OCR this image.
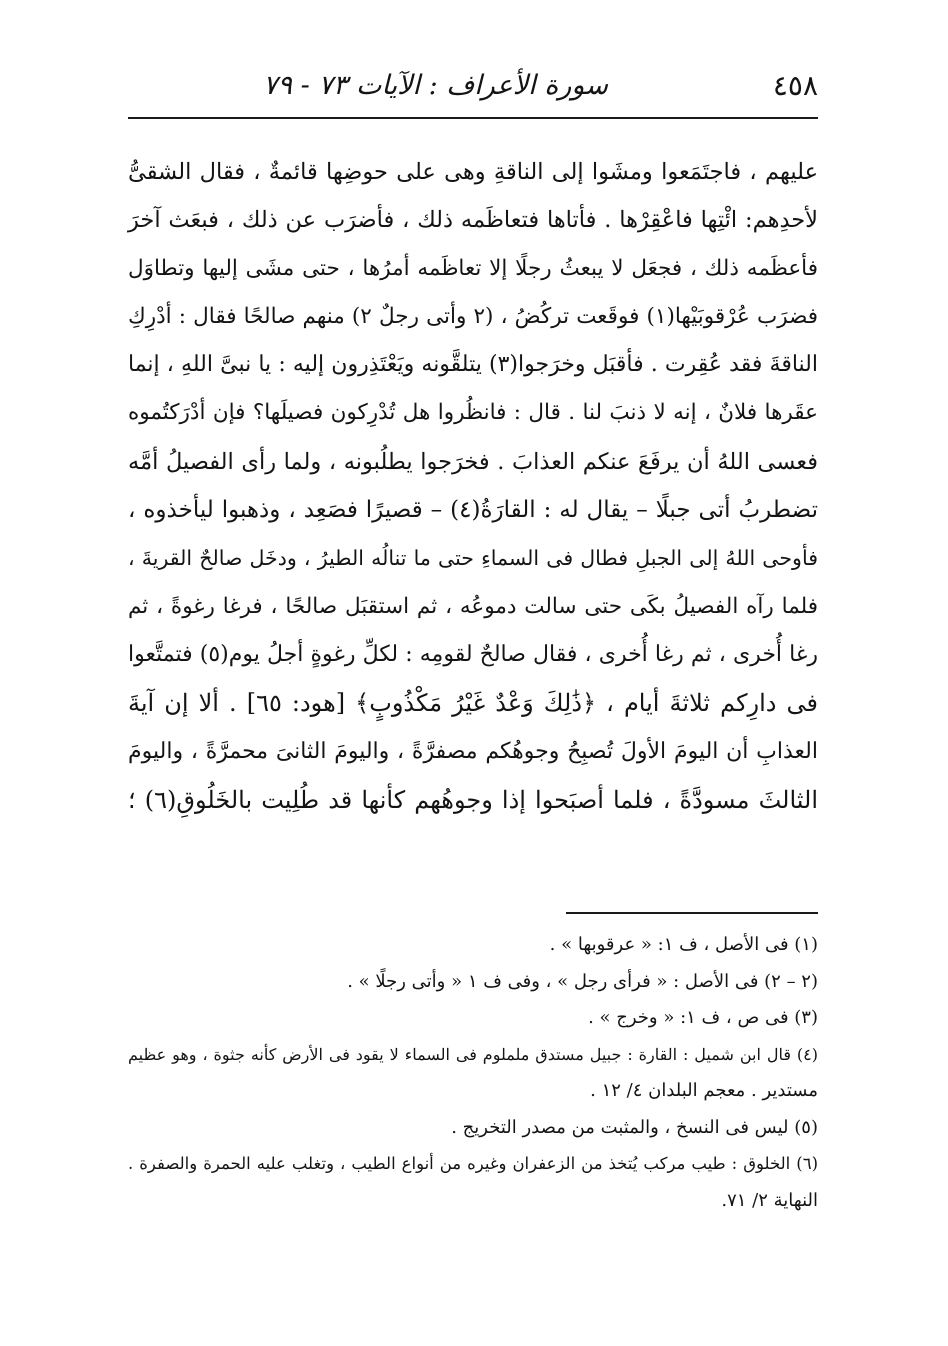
٤٥٨
سورة الأعراف : الآيات ٧٣ - ٧٩
عليهم ، فاجتَمَعوا ومشَوا إلى الناقةِ وهى على حوضِها قائمةٌ ، فقال الشقىُّ
لأحدِهم: ائْتِها فاعْقِرْها . فأتاها فتعاظَمه ذلك ، فأضرَب عن ذلك ، فبعَث آخرَ
فأعظَمه ذلك ، فجعَل لا يبعثُ رجلًا إلا تعاظَمه أمرُها ، حتى مشَى إليها وتطاوَل
فضرَب عُرْقوبَيْها(١) فوقَعت تركُضُ ، (٢ وأتى رجلٌ ٢) منهم صالحًا فقال : أدْرِكِ
الناقةَ فقد عُقِرت . فأقبَل وخرَجوا(٣) يتلقَّونه ويَعْتَذِرون إليه : يا نبىَّ اللهِ ، إنما
عقَرها فلانٌ ، إنه لا ذنبَ لنا . قال : فانظُروا هل تُدْرِكون فصيلَها؟ فإن أدْرَكتُموه
فعسى اللهُ أن يرفَعَ عنكم العذابَ . فخرَجوا يطلُبونه ، ولما رأى الفصيلُ أمَّه
تضطربُ أتى جبلًا – يقال له : القارَةُ(٤) – قصيرًا فصَعِد ، وذهبوا ليأخذوه ،
فأوحى اللهُ إلى الجبلِ فطال فى السماءِ حتى ما تنالُه الطيرُ ، ودخَل صالحٌ القريةَ ،
فلما رآه الفصيلُ بكَى حتى سالت دموعُه ، ثم استقبَل صالحًا ، فرغا رغوةً ، ثم
رغا أُخرى ، ثم رغا أُخرى ، فقال صالحٌ لقومِه : لكلِّ رغوةٍ أجلُ يوم(٥) فتمتَّعوا
فى دارِكم ثلاثةَ أيام ، ﴿ذَٰلِكَ وَعْدٌ غَيْرُ مَكْذُوبٍ﴾ [هود: ٦٥] . ألا إن آيةَ
العذابِ أن اليومَ الأولَ تُصبِحُ وجوهُكم مصفرَّةً ، واليومَ الثانىَ محمرَّةً ، واليومَ
الثالثَ مسودَّةً ، فلما أصبَحوا إذا وجوهُهم كأنها قد طُلِيت بالخَلُوقِ(٦) ؛
(١) فى الأصل ، ف ١: « عرقوبها » .
(٢ – ٢) فى الأصل : « فرأى رجل » ، وفى ف ١ « وأتى رجلًا » .
(٣) فى ص ، ف ١: « وخرج » .
(٤) قال ابن شميل : القارة : جبيل مستدق ململوم فى السماء لا يقود فى الأرض كأنه جثوة ، وهو عظيم
مستدير . معجم البلدان ٤/ ١٢ .
(٥) ليس فى النسخ ، والمثبت من مصدر التخريج .
(٦) الخلوق : طيب مركب يُتخذ من الزعفران وغيره من أنواع الطيب ، وتغلب عليه الحمرة والصفرة .
النهاية ٢/ ٧١.
